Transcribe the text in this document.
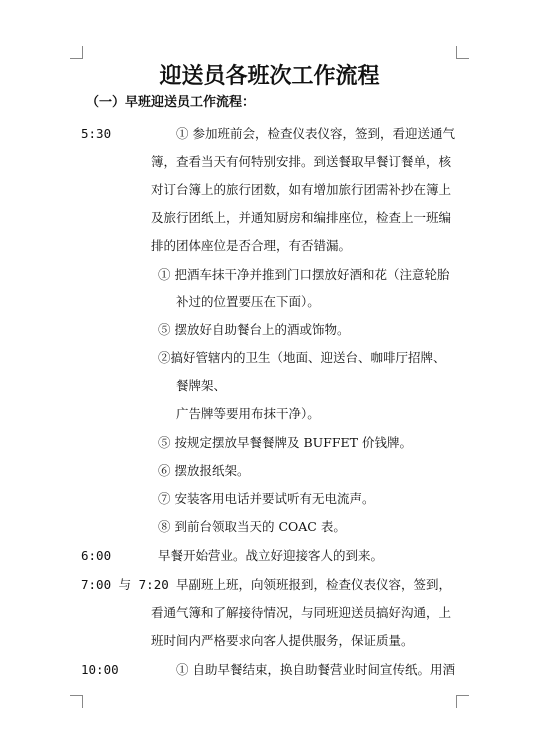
迎送员各班次工作流程
（一）早班迎送员工作流程：
5:30	① 参加班前会，检查仪表仪容，签到，看迎送通气
簿，查看当天有何特别安排。到送餐取早餐订餐单，核
对订台簿上的旅行团数，如有增加旅行团需补抄在簿上
及旅行团纸上，并通知厨房和编排座位，检查上一班编
排的团体座位是否合理，有否错漏。
① 把酒车抹干净并推到门口摆放好酒和花（注意轮胎
补过的位置要压在下面）。
⑤ 摆放好自助餐台上的酒或饰物。
②搞好管辖内的卫生（地面、迎送台、咖啡厅招牌、
餐牌架、
广告牌等要用布抹干净）。
⑤ 按规定摆放早餐餐牌及 BUFFET 价钱牌。
⑥ 摆放报纸架。
⑦ 安装客用电话并要试听有无电流声。
⑧ 到前台领取当天的 COAC 表。
6:00	早餐开始营业。战立好迎接客人的到来。
7:00 与 7:20 早副班上班，向领班报到，检查仪表仪容，签到，
看通气簿和了解接待情况，与同班迎送员搞好沟通，上
班时间内严格要求向客人提供服务，保证质量。
10:00	① 自助早餐结束，换自助餐营业时间宣传纸。用酒
